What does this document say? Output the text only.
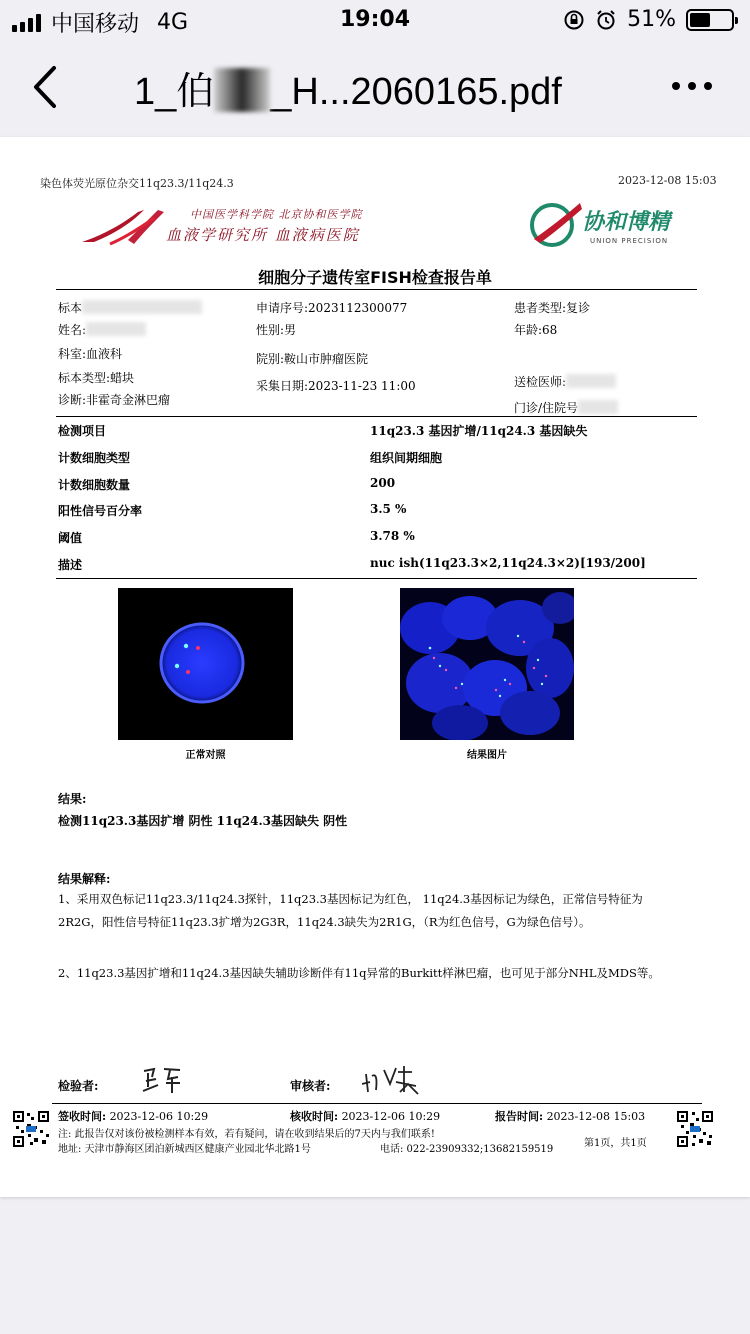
中国移动 4G	19:04	51%
1_伯 _H...2060165.pdf
染色体荧光原位杂交11q23.3/11q24.3	2023-12-08 15:03
中国医学科学院 北京协和医学院
血液学研究所 血液病医院	协和博精
UNION PRECISION
细胞分子遗传室FISH检查报告单
标本
姓名:
科室:血液科
标本类型:蜡块
诊断:非霍奇金淋巴瘤
申请序号:2023112300077
性别:男
院别:鞍山市肿瘤医院
采集日期:2023-11-23 11:00
患者类型:复诊
年龄:68
送检医师:
门诊/住院号
检测项目	11q23.3 基因扩增/11q24.3 基因缺失
计数细胞类型	组织间期细胞
计数细胞数量	200
阳性信号百分率	3.5 %
阈值	3.78 %
描述	nuc ish(11q23.3×2,11q24.3×2)[193/200]
正常对照	结果图片
结果:
检测11q23.3基因扩增 阴性 11q24.3基因缺失 阴性
结果解释:
1、采用双色标记11q23.3/11q24.3探针，11q23.3基因标记为红色， 11q24.3基因标记为绿色，正常信号特征为2R2G，阳性信号特征11q23.3扩增为2G3R，11q24.3缺失为2R1G，（R为红色信号，G为绿色信号）。
2、11q23.3基因扩增和11q24.3基因缺失辅助诊断伴有11q异常的Burkitt样淋巴瘤，也可见于部分NHL及MDS等。
检验者:	审核者:
签收时间: 2023-12-06 10:29	核收时间: 2023-12-06 10:29	报告时间: 2023-12-08 15:03
注: 此报告仅对该份被检测样本有效，若有疑问，请在收到结果后的7天内与我们联系!
第1页，共1页
地址: 天津市静海区团泊新城西区健康产业园北华北路1号	电话: 022-23909332;13682159519
